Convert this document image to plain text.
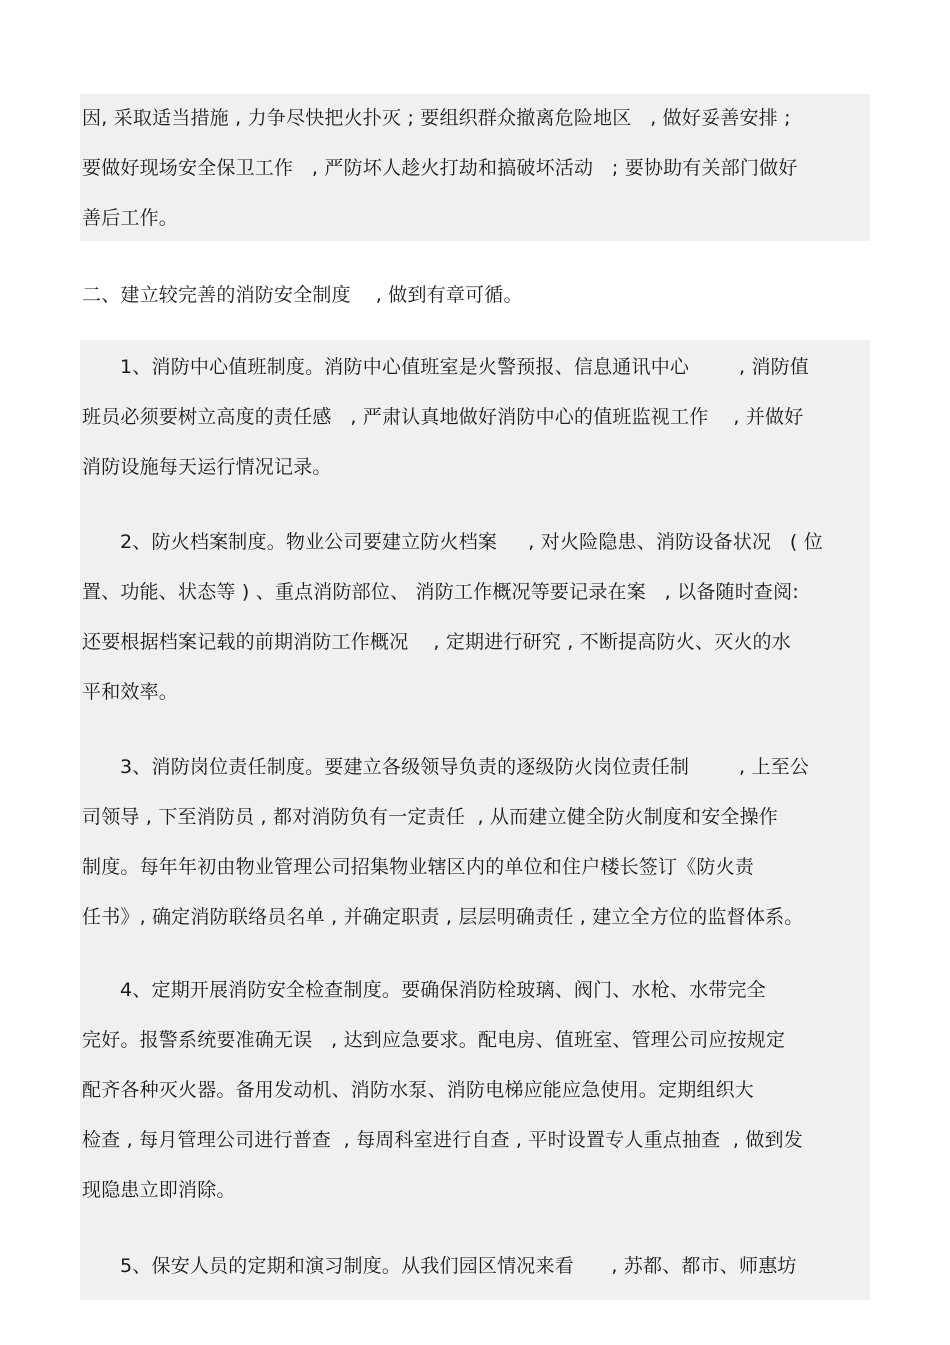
因, 采取适当措施 , 力争尽快把火扑灭 ; 要组织群众撤离危险地区   , 做好妥善安排 ;
要做好现场安全保卫工作   , 严防坏人趁火打劫和搞破坏活动   ; 要协助有关部门做好
善后工作。
二、建立较完善的消防安全制度    , 做到有章可循。
1、消防中心值班制度。消防中心值班室是火警预报、信息通讯中心        , 消防值
班员必须要树立高度的责任感   , 严肃认真地做好消防中心的值班监视工作    , 并做好
消防设施每天运行情况记录。
2、防火档案制度。物业公司要建立防火档案     , 对火险隐患、消防设备状况   ( 位
置、功能、状态等 ) 、重点消防部位、 消防工作概况等要记录在案   , 以备随时查阅:
还要根据档案记载的前期消防工作概况    , 定期进行研究 , 不断提高防火、灭火的水
平和效率。
3、消防岗位责任制度。要建立各级领导负责的逐级防火岗位责任制        , 上至公
司领导 , 下至消防员 , 都对消防负有一定责任  , 从而建立健全防火制度和安全操作
制度。每年年初由物业管理公司招集物业辖区内的单位和住户楼长签订《防火责
任书》, 确定消防联络员名单 , 并确定职责 , 层层明确责任 , 建立全方位的监督体系。
4、定期开展消防安全检查制度。要确保消防栓玻璃、阀门、水枪、水带完全
完好。报警系统要准确无误   , 达到应急要求。配电房、值班室、管理公司应按规定
配齐各种灭火器。备用发动机、消防水泵、消防电梯应能应急使用。定期组织大
检查 , 每月管理公司进行普查  , 每周科室进行自查 , 平时设置专人重点抽查  , 做到发
现隐患立即消除。
5、保安人员的定期和演习制度。从我们园区情况来看      , 苏都、都市、师惠坊
